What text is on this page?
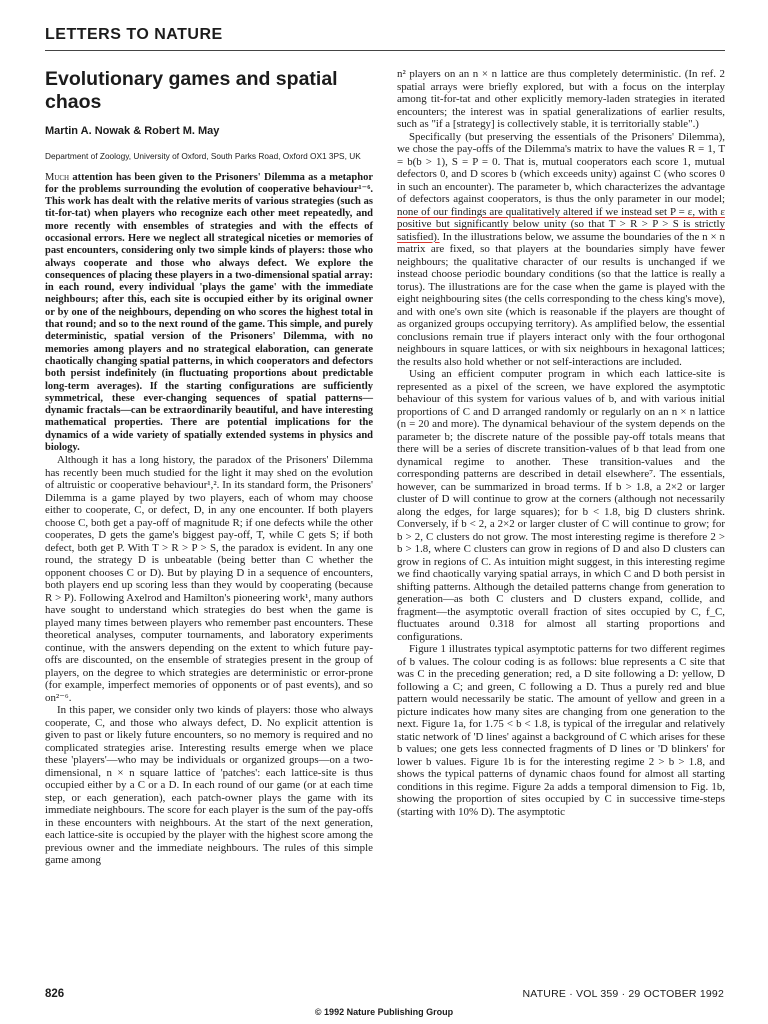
LETTERS TO NATURE
Evolutionary games and spatial chaos
Martin A. Nowak & Robert M. May
Department of Zoology, University of Oxford, South Parks Road, Oxford OX1 3PS, UK

Much attention has been given to the Prisoners' Dilemma as a metaphor for the problems surrounding the evolution of cooperative behaviour¹⁻⁶. This work has dealt with the relative merits of various strategies (such as tit-for-tat) when players who recognize each other meet repeatedly, and more recently with ensembles of strategies and with the effects of occasional errors. Here we neglect all strategical niceties or memories of past encounters, considering only two simple kinds of players: those who always cooperate and those who always defect. We explore the consequences of placing these players in a two-dimensional spatial array: in each round, every individual 'plays the game' with the immediate neighbours; after this, each site is occupied either by its original owner or by one of the neighbours, depending on who scores the highest total in that round; and so to the next round of the game. This simple, and purely deterministic, spatial version of the Prisoners' Dilemma, with no memories among players and no strategical elaboration, can generate chaotically changing spatial patterns, in which cooperators and defectors both persist indefinitely (in fluctuating proportions about predictable long-term averages). If the starting configurations are sufficiently symmetrical, these ever-changing sequences of spatial patterns—dynamic fractals—can be extraordinarily beautiful, and have interesting mathematical properties. There are potential implications for the dynamics of a wide variety of spatially extended systems in physics and biology.

Although it has a long history, the paradox of the Prisoners' Dilemma has recently been much studied for the light it may shed on the evolution of altruistic or cooperative behaviour¹,². In its standard form, the Prisoners' Dilemma is a game played by two players, each of whom may choose either to cooperate, C, or defect, D, in any one encounter. If both players choose C, both get a pay-off of magnitude R; if one defects while the other cooperates, D gets the game's biggest pay-off, T, while C gets S; if both defect, both get P. With T > R > P > S, the paradox is evident. In any one round, the strategy D is unbeatable (being better than C whether the opponent chooses C or D). But by playing D in a sequence of encounters, both players end up scoring less than they would by cooperating (because R > P). Following Axelrod and Hamilton's pioneering work¹, many authors have sought to understand which strategies do best when the game is played many times between players who remember past encounters. These theoretical analyses, computer tournaments, and laboratory experiments continue, with the answers depending on the extent to which future pay-offs are discounted, on the ensemble of strategies present in the group of players, on the degree to which strategies are deterministic or error-prone (for example, imperfect memories of opponents or of past events), and so on²⁻⁶.

In this paper, we consider only two kinds of players: those who always cooperate, C, and those who always defect, D. No explicit attention is given to past or likely future encounters, so no memory is required and no complicated strategies arise. Interesting results emerge when we place these 'players'—who may be individuals or organized groups—on a two-dimensional, n × n square lattice of 'patches': each lattice-site is thus occupied either by a C or a D. In each round of our game (or at each time step, or each generation), each patch-owner plays the game with its immediate neighbours. The score for each player is the sum of the pay-offs in these encounters with neighbours. At the start of the next generation, each lattice-site is occupied by the player with the highest score among the previous owner and the immediate neighbours. The rules of this simple game among

n² players on an n × n lattice are thus completely deterministic. (In ref. 2 spatial arrays were briefly explored, but with a focus on the interplay among tit-for-tat and other explicitly memory-laden strategies in iterated encounters; the interest was in spatial generalizations of earlier results, such as "if a [strategy] is collectively stable, it is territorially stable".)

Specifically (but preserving the essentials of the Prisoners' Dilemma), we chose the pay-offs of the Dilemma's matrix to have the values R = 1, T = b(b > 1), S = P = 0. That is, mutual cooperators each score 1, mutual defectors 0, and D scores b (which exceeds unity) against C (who scores 0 in such an encounter). The parameter b, which characterizes the advantage of defectors against cooperators, is thus the only parameter in our model; none of our findings are qualitatively altered if we instead set P = ε, with ε positive but significantly below unity (so that T > R > P > S is strictly satisfied). In the illustrations below, we assume the boundaries of the n × n matrix are fixed, so that players at the boundaries simply have fewer neighbours; the qualitative character of our results is unchanged if we instead choose periodic boundary conditions (so that the lattice is really a torus). The illustrations are for the case when the game is played with the eight neighbouring sites (the cells corresponding to the chess king's move), and with one's own site (which is reasonable if the players are thought of as organized groups occupying territory). As amplified below, the essential conclusions remain true if players interact only with the four orthogonal neighbours in square lattices, or with six neighbours in hexagonal lattices; the results also hold whether or not self-interactions are included.

Using an efficient computer program in which each lattice-site is represented as a pixel of the screen, we have explored the asymptotic behaviour of this system for various values of b, and with various initial proportions of C and D arranged randomly or regularly on an n × n lattice (n = 20 and more). The dynamical behaviour of the system depends on the parameter b; the discrete nature of the possible pay-off totals means that there will be a series of discrete transition-values of b that lead from one dynamical regime to another. These transition-values and the corresponding patterns are described in detail elsewhere⁷. The essentials, however, can be summarized in broad terms. If b > 1.8, a 2×2 or larger cluster of D will continue to grow at the corners (although not necessarily along the edges, for large squares); for b < 1.8, big D clusters shrink. Conversely, if b < 2, a 2×2 or larger cluster of C will continue to grow; for b > 2, C clusters do not grow. The most interesting regime is therefore 2 > b > 1.8, where C clusters can grow in regions of D and also D clusters can grow in regions of C. As intuition might suggest, in this interesting regime we find chaotically varying spatial arrays, in which C and D both persist in shifting patterns. Although the detailed patterns change from generation to generation—as both C clusters and D clusters expand, collide, and fragment—the asymptotic overall fraction of sites occupied by C, f_C, fluctuates around 0.318 for almost all starting proportions and configurations.

Figure 1 illustrates typical asymptotic patterns for two different regimes of b values. The colour coding is as follows: blue represents a C site that was C in the preceding generation; red, a D site following a D: yellow, D following a C; and green, C following a D. Thus a purely red and blue pattern would necessarily be static. The amount of yellow and green in a picture indicates how many sites are changing from one generation to the next. Figure 1a, for 1.75 < b < 1.8, is typical of the irregular and relatively static network of 'D lines' against a background of C which arises for these b values; one gets less connected fragments of D lines or 'D blinkers' for lower b values. Figure 1b is for the interesting regime 2 > b > 1.8, and shows the typical patterns of dynamic chaos found for almost all starting conditions in this regime. Figure 2a adds a temporal dimension to Fig. 1b, showing the proportion of sites occupied by C in successive time-steps (starting with 10% D). The asymptotic

826	NATURE · VOL 359 · 29 OCTOBER 1992
© 1992 Nature Publishing Group
